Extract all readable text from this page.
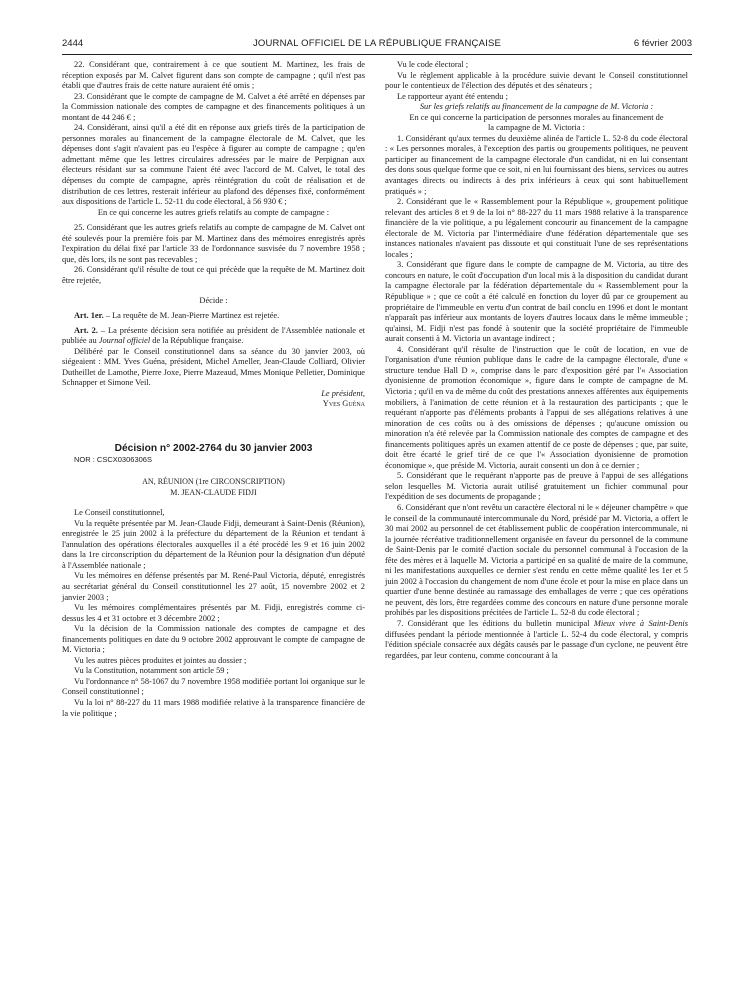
2444	JOURNAL OFFICIEL DE LA RÉPUBLIQUE FRANÇAISE	6 février 2003

22. Considérant que, contrairement à ce que soutient M. Martinez, les frais de réception exposés par M. Calvet figurent dans son compte de campagne ; qu'il n'est pas établi que d'autres frais de cette nature auraient été omis ;

23. Considérant que le compte de campagne de M. Calvet a été arrêté en dépenses par la Commission nationale des comptes de campagne et des financements politiques à un montant de 44 246 € ;

24. Considérant, ainsi qu'il a été dit en réponse aux griefs tirés de la participation de personnes morales au financement de la campagne électorale de M. Calvet, que les dépenses dont s'agit n'avaient pas eu l'espèce à figurer au compte de campagne ; qu'en admettant même que les lettres circulaires adressées par le maire de Perpignan aux électeurs résidant sur sa commune l'aient été avec l'accord de M. Calvet, le total des dépenses du compte de campagne, après réintégration du coût de réalisation et de distribution de ces lettres, resterait inférieur au plafond des dépenses fixé, conformément aux dispositions de l'article L. 52-11 du code électoral, à 56 930 € ;

En ce qui concerne les autres griefs relatifs au compte de campagne :

25. Considérant que les autres griefs relatifs au compte de campagne de M. Calvet ont été soulevés pour la première fois par M. Martinez dans des mémoires enregistrés après l'expiration du délai fixé par l'article 33 de l'ordonnance susvisée du 7 novembre 1958 ; que, dès lors, ils ne sont pas recevables ;

26. Considérant qu'il résulte de tout ce qui précède que la requête de M. Martinez doit être rejetée,

Décide :

Art. 1er. – La requête de M. Jean-Pierre Martinez est rejetée.

Art. 2. – La présente décision sera notifiée au président de l'Assemblée nationale et publiée au Journal officiel de la République française.

Délibéré par le Conseil constitutionnel dans sa séance du 30 janvier 2003, où siégeaient : MM. Yves Guéna, président, Michel Ameller, Jean-Claude Colliard, Olivier Dutheillet de Lamothe, Pierre Joxe, Pierre Mazeaud, Mmes Monique Pelletier, Dominique Schnapper et Simone Veil.

Le président,

Yves Guéna

Décision n° 2002-2764 du 30 janvier 2003

NOR : CSCX0306306S

AN, RÉUNION (1re CIRCONSCRIPTION)

M. JEAN-CLAUDE FIDJI

Le Conseil constitutionnel,

Vu la requête présentée par M. Jean-Claude Fidji, demeurant à Saint-Denis (Réunion), enregistrée le 25 juin 2002 à la préfecture du département de la Réunion et tendant à l'annulation des opérations électorales auxquelles il a été procédé les 9 et 16 juin 2002 dans la 1re circonscription du département de la Réunion pour la désignation d'un député à l'Assemblée nationale ;

Vu les mémoires en défense présentés par M. René-Paul Victoria, député, enregistrés au secrétariat général du Conseil constitutionnel les 27 août, 15 novembre 2002 et 2 janvier 2003 ;

Vu les mémoires complémentaires présentés par M. Fidji, enregistrés comme ci-dessus les 4 et 31 octobre et 3 décembre 2002 ;

Vu la décision de la Commission nationale des comptes de campagne et des financements politiques en date du 9 octobre 2002 approuvant le compte de campagne de M. Victoria ;

Vu les autres pièces produites et jointes au dossier ;

Vu la Constitution, notamment son article 59 ;

Vu l'ordonnance n° 58-1067 du 7 novembre 1958 modifiée portant loi organique sur le Conseil constitutionnel ;

Vu la loi n° 88-227 du 11 mars 1988 modifiée relative à la transparence financière de la vie politique ;

Vu le code électoral ;

Vu le règlement applicable à la procédure suivie devant le Conseil constitutionnel pour le contentieux de l'élection des députés et des sénateurs ;

Le rapporteur ayant été entendu ;

Sur les griefs relatifs au financement de la campagne de M. Victoria :

En ce qui concerne la participation de personnes morales au financement de la campagne de M. Victoria :

1. Considérant qu'aux termes du deuxième alinéa de l'article L. 52-8 du code électoral : « Les personnes morales, à l'exception des partis ou groupements politiques, ne peuvent participer au financement de la campagne électorale d'un candidat, ni en lui consentant des dons sous quelque forme que ce soit, ni en lui fournissant des biens, services ou autres avantages directs ou indirects à des prix inférieurs à ceux qui sont habituellement pratiqués » ;

2. Considérant que le « Rassemblement pour la République », groupement politique relevant des articles 8 et 9 de la loi n° 88-227 du 11 mars 1988 relative à la transparence financière de la vie politique, a pu légalement concourir au financement de la campagne électorale de M. Victoria par l'intermédiaire d'une fédération départementale que ses instances nationales n'avaient pas dissoute et qui constituait l'une de ses représentations locales ;

3. Considérant que figure dans le compte de campagne de M. Victoria, au titre des concours en nature, le coût d'occupation d'un local mis à la disposition du candidat durant la campagne électorale par la fédération départementale du « Rassemblement pour la République » ; que ce coût a été calculé en fonction du loyer dû par ce groupement au propriétaire de l'immeuble en vertu d'un contrat de bail conclu en 1996 et dont le montant n'apparaît pas inférieur aux montants de loyers d'autres locaux dans le même immeuble ; qu'ainsi, M. Fidji n'est pas fondé à soutenir que la société propriétaire de l'immeuble aurait consenti à M. Victoria un avantage indirect ;

4. Considérant qu'il résulte de l'instruction que le coût de location, en vue de l'organisation d'une réunion publique dans le cadre de la campagne électorale, d'une « structure tendue Hall D », comprise dans le parc d'exposition géré par l'« Association dyonisienne de promotion économique », figure dans le compte de campagne de M. Victoria ; qu'il en va de même du coût des prestations annexes afférentes aux équipements mobiliers, à l'animation de cette réunion et à la restauration des participants ; que le requérant n'apporte pas d'éléments probants à l'appui de ses allégations relatives à une minoration de ces coûts ou à des omissions de dépenses ; qu'aucune omission ou minoration n'a été relevée par la Commission nationale des comptes de campagne et des financements politiques après un examen attentif de ce poste de dépenses ; que, par suite, doit être écarté le grief tiré de ce que l'« Association dyonisienne de promotion économique », que préside M. Victoria, aurait consenti un don à ce dernier ;

5. Considérant que le requérant n'apporte pas de preuve à l'appui de ses allégations selon lesquelles M. Victoria aurait utilisé gratuitement un fichier communal pour l'expédition de ses documents de propagande ;

6. Considérant que n'ont revêtu un caractère électoral ni le « déjeuner champêtre » que le conseil de la communauté intercommunale du Nord, présidé par M. Victoria, a offert le 30 mai 2002 au personnel de cet établissement public de coopération intercommunale, ni la journée récréative traditionnellement organisée en faveur du personnel de la commune de Saint-Denis par le comité d'action sociale du personnel communal à l'occasion de la fête des mères et à laquelle M. Victoria a participé en sa qualité de maire de la commune, ni les manifestations auxquelles ce dernier s'est rendu en cette même qualité les 1er et 5 juin 2002 à l'occasion du changement de nom d'une école et pour la mise en place dans un quartier d'une benne destinée au ramassage des emballages de verre ; que ces opérations ne peuvent, dès lors, être regardées comme des concours en nature d'une personne morale prohibés par les dispositions précitées de l'article L. 52-8 du code électoral ;

7. Considérant que les éditions du bulletin municipal Mieux vivre à Saint-Denis diffusées pendant la période mentionnée à l'article L. 52-4 du code électoral, y compris l'édition spéciale consacrée aux dégâts causés par le passage d'un cyclone, ne peuvent être regardées, par leur contenu, comme concourant à la
